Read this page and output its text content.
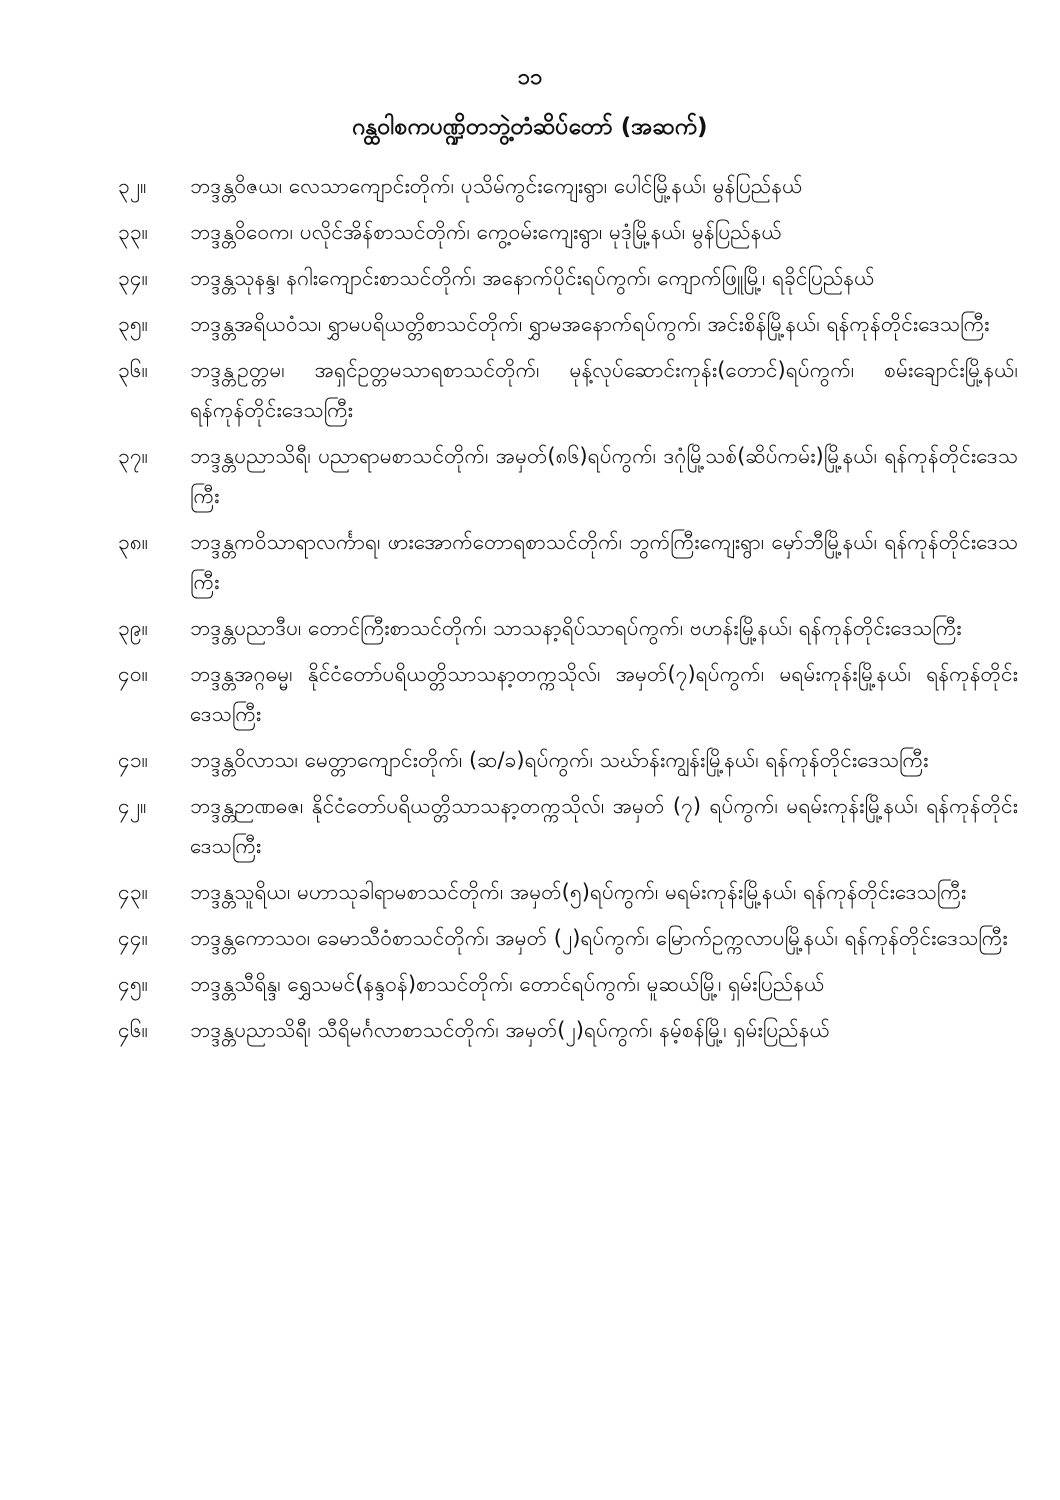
၁၁
ဂန္ထဝါစကပဏ္ဍိတဘွဲ့တံဆိပ်တော် (အဆက်)
၃၂။	ဘဒ္ဒန္တဝိဇယ၊ လေသာကျောင်းတိုက်၊ ပုသိမ်ကွင်းကျေးရွာ၊ ပေါင်မြို့နယ်၊ မွန်ပြည်နယ်
၃၃။	ဘဒ္ဒန္တဝိဝေက၊ ပလိုင်အိန်စာသင်တိုက်၊ ကွေ့ဝမ်းကျေးရွာ၊ မုဒုံမြို့နယ်၊ မွန်ပြည်နယ်
၃၄။	ဘဒ္ဒန္တသုနန္ဒ၊ နဂါးကျောင်းစာသင်တိုက်၊ အနောက်ပိုင်းရပ်ကွက်၊ ကျောက်ဖြူမြို့၊ ရခိုင်ပြည်နယ်
၃၅။	ဘဒ္ဒန္တအရိယဝံသ၊ ရွှာမပရိယတ္တိစာသင်တိုက်၊ ရွှာမအနောက်ရပ်ကွက်၊ အင်းစိန်မြို့နယ်၊ ရန်ကုန်တိုင်းဒေသကြီး
၃၆။	ဘဒ္ဒန္တဥတ္တမ၊ အရှင်ဥတ္တမသာရစာသင်တိုက်၊ မုန့်လုပ်ဆောင်းကုန်း(တောင်)ရပ်ကွက်၊ စမ်းချောင်းမြို့နယ်၊ ရန်ကုန်တိုင်းဒေသကြီး
၃၇။	ဘဒ္ဒန္တပညာသိရီ၊ ပညာရာမစာသင်တိုက်၊ အမှတ်(၈၆)ရပ်ကွက်၊ ဒဂုံမြို့သစ်(ဆိပ်ကမ်း)မြို့နယ်၊ ရန်ကုန်တိုင်းဒေသကြီး
၃၈။	ဘဒ္ဒန္တကဝိသာရာလင်္ကာရ၊ ဖားအောက်တောရစာသင်တိုက်၊ ဘွက်ကြီးကျေးရွာ၊ မှော်ဘီမြို့နယ်၊ ရန်ကုန်တိုင်းဒေသကြီး
၃၉။	ဘဒ္ဒန္တပညာဒီပ၊ တောင်ကြီးစာသင်တိုက်၊ သာသနာ့ရိပ်သာရပ်ကွက်၊ ဗဟန်းမြို့နယ်၊ ရန်ကုန်တိုင်းဒေသကြီး
၄၀။	ဘဒ္ဒန္တအဂ္ဂဓမ္မ၊ နိုင်ငံတော်ပရိယတ္တိသာသနာ့တက္ကသိုလ်၊ အမှတ်(၇)ရပ်ကွက်၊ မရမ်းကုန်းမြို့နယ်၊ ရန်ကုန်တိုင်းဒေသကြီး
၄၁။	ဘဒ္ဒန္တဝိလာသ၊ မေတ္တာကျောင်းတိုက်၊ (ဆ/ခ)ရပ်ကွက်၊ သဃ်ာန်းကျွန်းမြို့နယ်၊ ရန်ကုန်တိုင်းဒေသကြီး
၄၂။	ဘဒ္ဒန္တဉာဏဓဇ၊ နိုင်ငံတော်ပရိယတ္တိသာသနာ့တက္ကသိုလ်၊ အမှတ် (၇) ရပ်ကွက်၊ မရမ်းကုန်းမြို့နယ်၊ ရန်ကုန်တိုင်းဒေသကြီး
၄၃။	ဘဒ္ဒန္တသူရိယ၊ မဟာသုခါရာမစာသင်တိုက်၊ အမှတ်(၅)ရပ်ကွက်၊ မရမ်းကုန်းမြို့နယ်၊ ရန်ကုန်တိုင်းဒေသကြီး
၄၄။	ဘဒ္ဒန္တကောသဝ၊ ခေမာသီဝံစာသင်တိုက်၊ အမှတ် (၂)ရပ်ကွက်၊ မြောက်ဥက္ကလာပမြို့နယ်၊ ရန်ကုန်တိုင်းဒေသကြီး
၄၅။	ဘဒ္ဒန္တသီရိန္ဒ၊ ရွှေသမင်(နန္ဒဝန်)စာသင်တိုက်၊ တောင်ရပ်ကွက်၊ မူဆယ်မြို့၊ ရှမ်းပြည်နယ်
၄၆။	ဘဒ္ဒန္တပညာသိရီ၊ သီရိမင်္ဂလာစာသင်တိုက်၊ အမှတ်(၂)ရပ်ကွက်၊ နမ့်စန်မြို့၊ ရှမ်းပြည်နယ်
